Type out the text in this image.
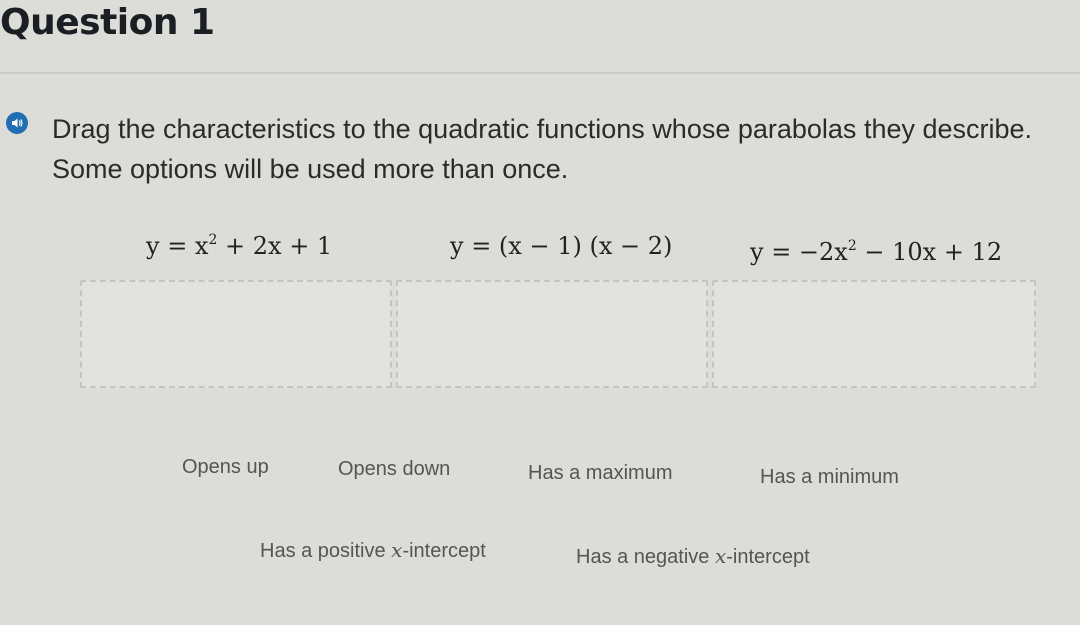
Question 1
Drag the characteristics to the quadratic functions whose parabolas they describe. Some options will be used more than once.
$y = x^2 + 2x + 1$	y = (x − 1) (x − 2)	$y = -2x^2 - 10x + 12$
Opens up	Opens down	Has a maximum	Has a minimum
Has a positive x-intercept	Has a negative x-intercept
